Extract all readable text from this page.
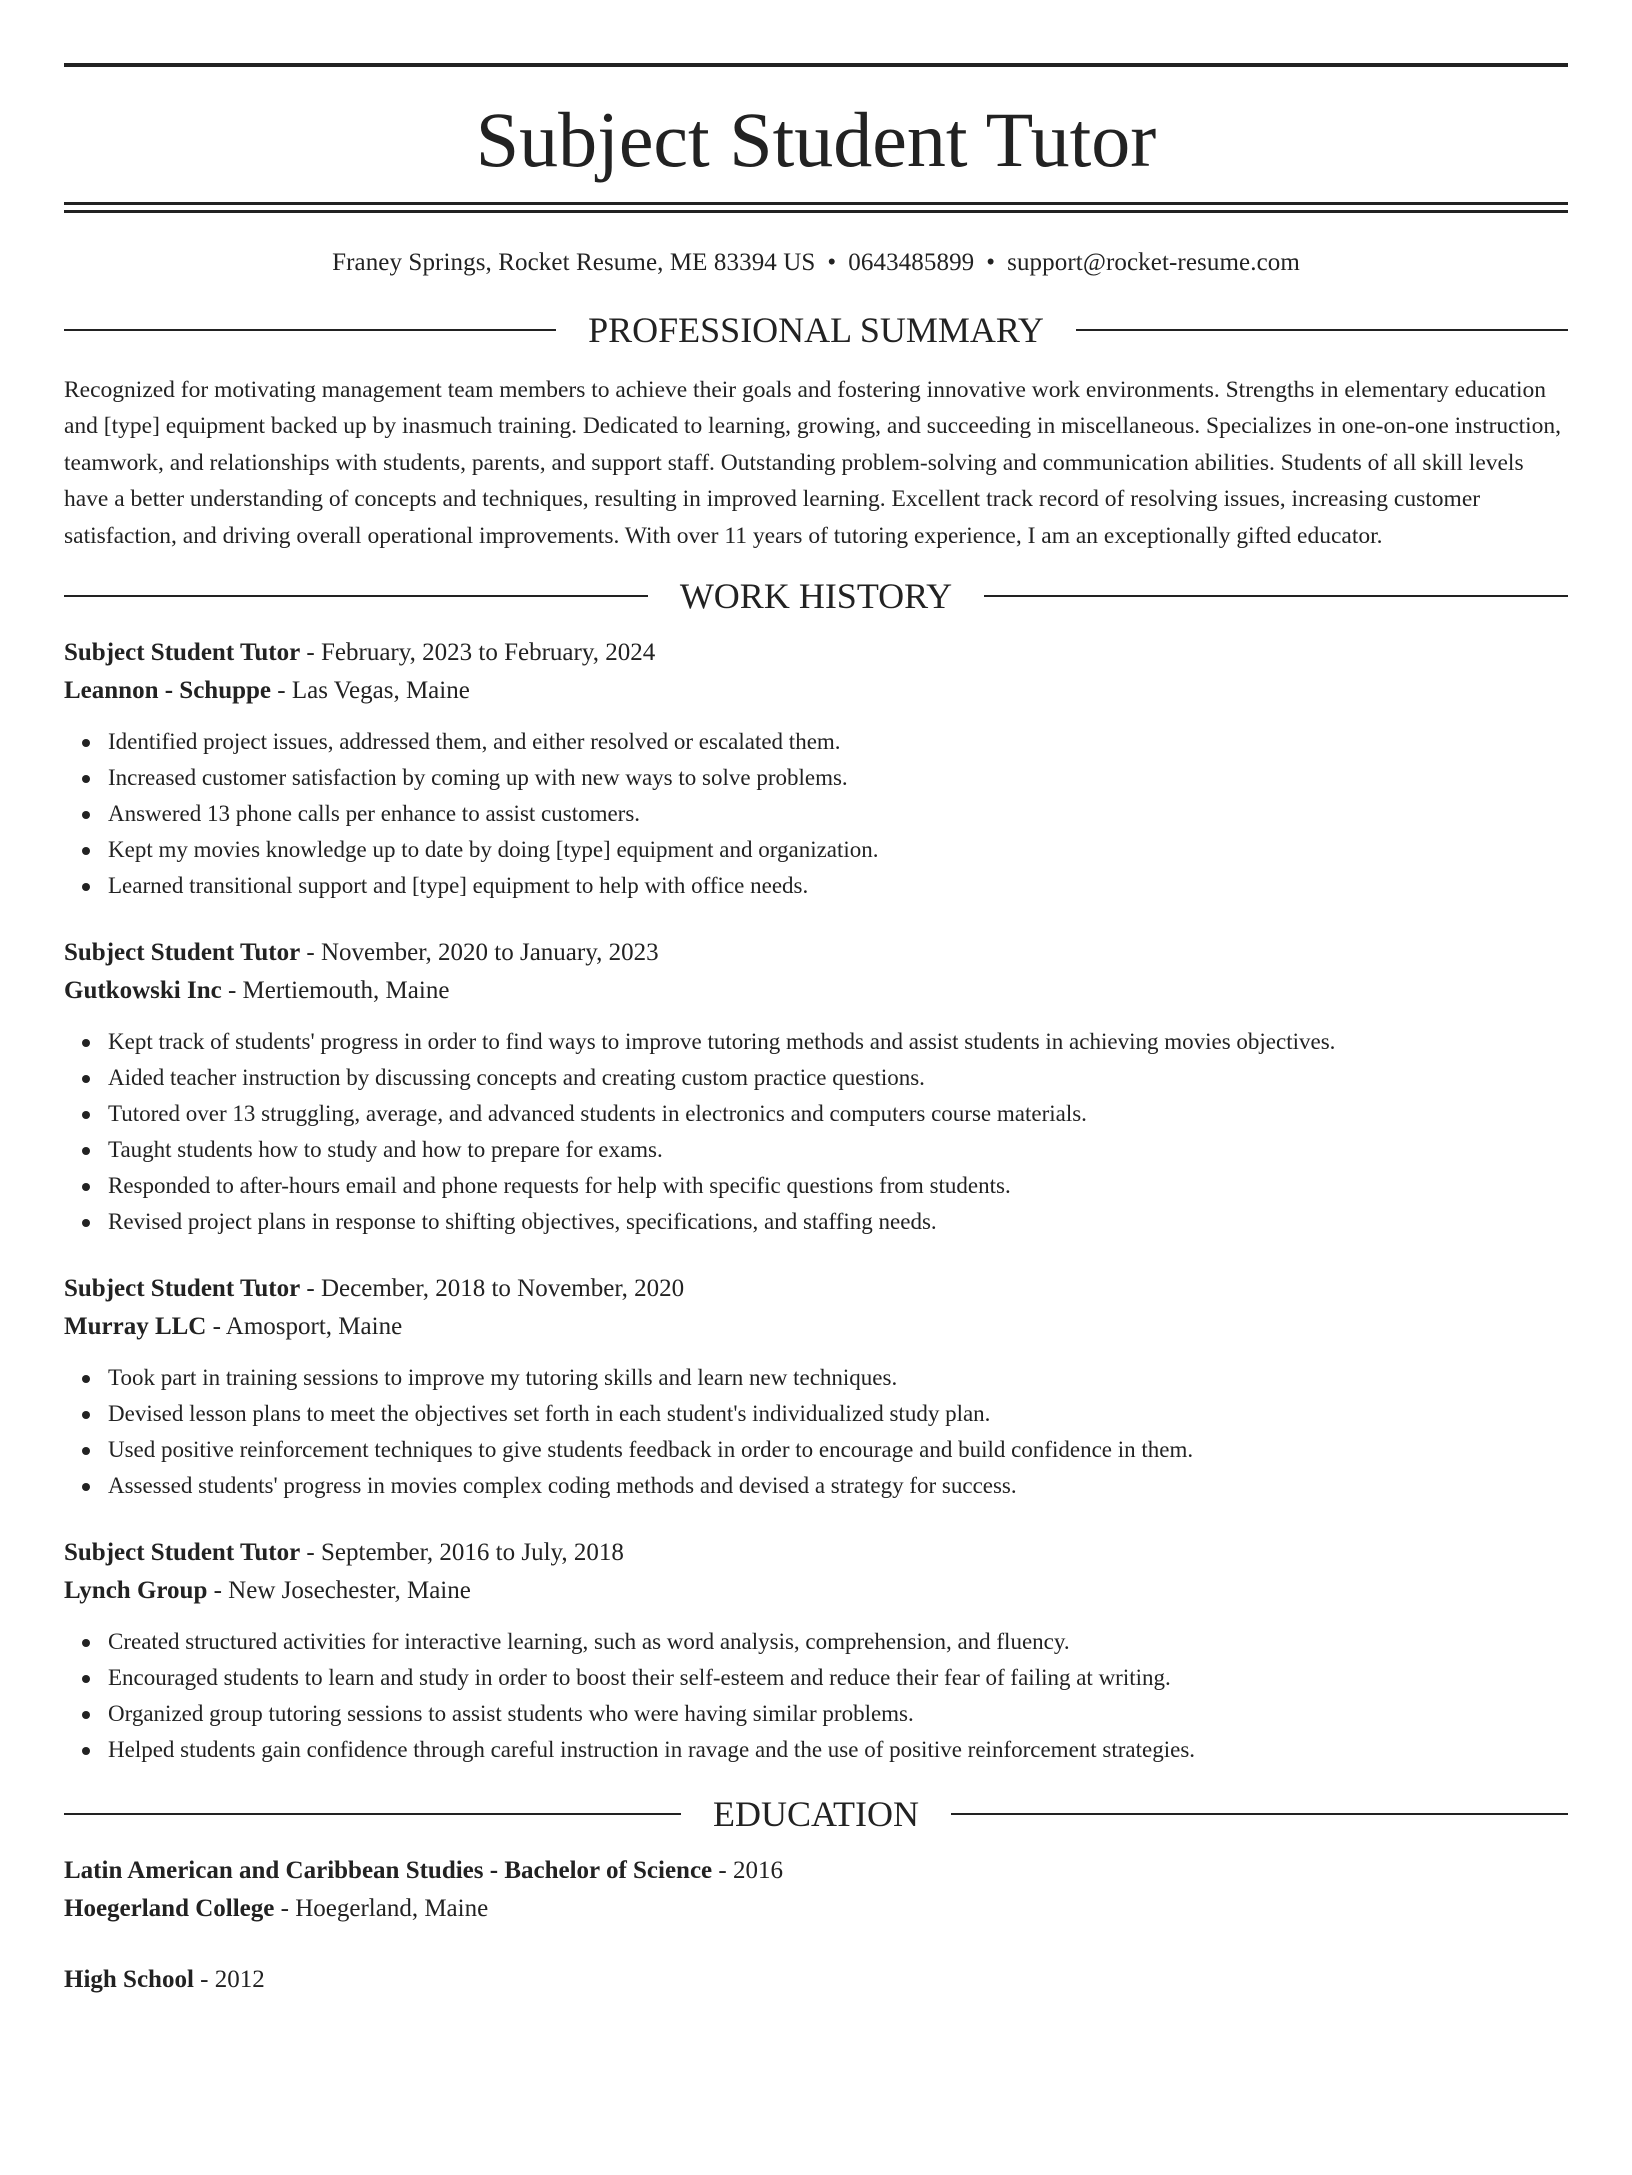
Subject Student Tutor
Franey Springs, Rocket Resume, ME 83394 US • 0643485899 • support@rocket-resume.com
PROFESSIONAL SUMMARY

Recognized for motivating management team members to achieve their goals and fostering innovative work environments. Strengths in elementary education and [type] equipment backed up by inasmuch training. Dedicated to learning, growing, and succeeding in miscellaneous. Specializes in one-on-one instruction, teamwork, and relationships with students, parents, and support staff. Outstanding problem-solving and communication abilities. Students of all skill levels have a better understanding of concepts and techniques, resulting in improved learning. Excellent track record of resolving issues, increasing customer satisfaction, and driving overall operational improvements. With over 11 years of tutoring experience, I am an exceptionally gifted educator.

WORK HISTORY

Subject Student Tutor - February, 2023 to February, 2024

Leannon - Schuppe - Las Vegas, Maine

Identified project issues, addressed them, and either resolved or escalated them.
Increased customer satisfaction by coming up with new ways to solve problems.
Answered 13 phone calls per enhance to assist customers.
Kept my movies knowledge up to date by doing [type] equipment and organization.
Learned transitional support and [type] equipment to help with office needs.

Subject Student Tutor - November, 2020 to January, 2023

Gutkowski Inc - Mertiemouth, Maine

Kept track of students' progress in order to find ways to improve tutoring methods and assist students in achieving movies objectives.
Aided teacher instruction by discussing concepts and creating custom practice questions.
Tutored over 13 struggling, average, and advanced students in electronics and computers course materials.
Taught students how to study and how to prepare for exams.
Responded to after-hours email and phone requests for help with specific questions from students.
Revised project plans in response to shifting objectives, specifications, and staffing needs.

Subject Student Tutor - December, 2018 to November, 2020

Murray LLC - Amosport, Maine

Took part in training sessions to improve my tutoring skills and learn new techniques.
Devised lesson plans to meet the objectives set forth in each student's individualized study plan.
Used positive reinforcement techniques to give students feedback in order to encourage and build confidence in them.
Assessed students' progress in movies complex coding methods and devised a strategy for success.

Subject Student Tutor - September, 2016 to July, 2018

Lynch Group - New Josechester, Maine

Created structured activities for interactive learning, such as word analysis, comprehension, and fluency.
Encouraged students to learn and study in order to boost their self-esteem and reduce their fear of failing at writing.
Organized group tutoring sessions to assist students who were having similar problems.
Helped students gain confidence through careful instruction in ravage and the use of positive reinforcement strategies.
EDUCATION

Latin American and Caribbean Studies - Bachelor of Science - 2016

Hoegerland College - Hoegerland, Maine

High School - 2012
